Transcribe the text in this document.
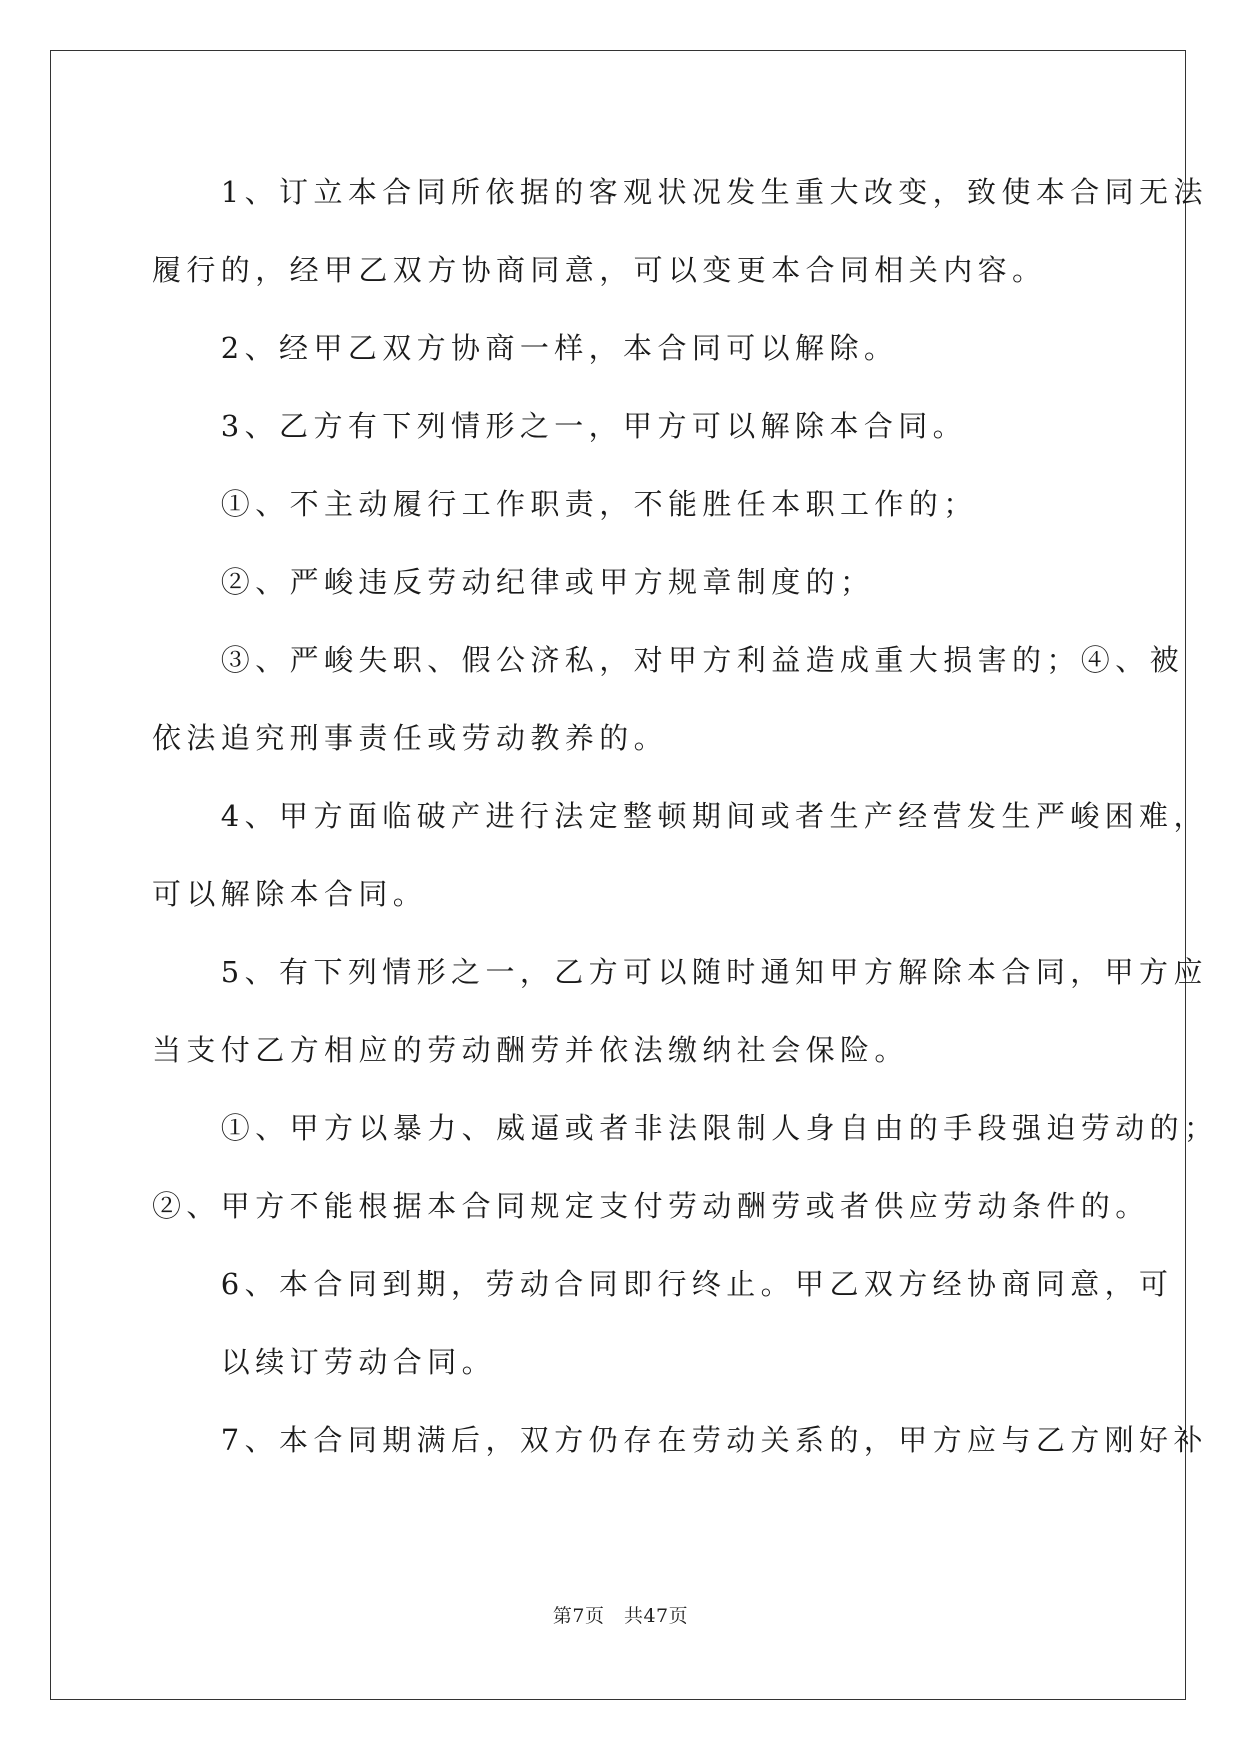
　　1、订立本合同所依据的客观状况发生重大改变，致使本合同无法
履行的，经甲乙双方协商同意，可以变更本合同相关内容。
　　2、经甲乙双方协商一样，本合同可以解除。
　　3、乙方有下列情形之一，甲方可以解除本合同。
　　①、不主动履行工作职责，不能胜任本职工作的；
　　②、严峻违反劳动纪律或甲方规章制度的；
　　③、严峻失职、假公济私，对甲方利益造成重大损害的；④、被
依法追究刑事责任或劳动教养的。
　　4、甲方面临破产进行法定整顿期间或者生产经营发生严峻困难，
可以解除本合同。
　　5、有下列情形之一，乙方可以随时通知甲方解除本合同，甲方应
当支付乙方相应的劳动酬劳并依法缴纳社会保险。
　　①、甲方以暴力、威逼或者非法限制人身自由的手段强迫劳动的；
②、甲方不能根据本合同规定支付劳动酬劳或者供应劳动条件的。
　　6、本合同到期，劳动合同即行终止。甲乙双方经协商同意，可
　　以续订劳动合同。
　　7、本合同期满后，双方仍存在劳动关系的，甲方应与乙方刚好补
第7页　共47页
